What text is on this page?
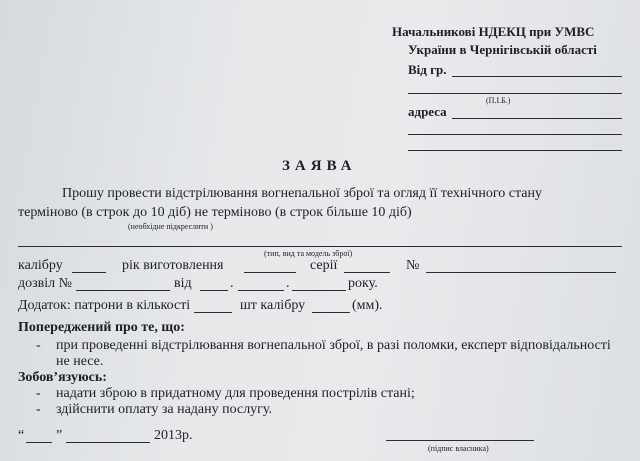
Начальникові НДЕКЦ при УМВС
України в Чернігівській області
Від гр.
(П.І.Б.)
адреса
ЗАЯВА
Прошу провести відстрілювання вогнепальної зброї та огляд її технічного стану
терміново (в строк до 10 діб) не терміново (в строк більше 10 діб)
(необхідне підкреслити )
(тип, вид та модель зброї)
калібру	рік виготовлення	серії	№
дозвіл №	від	.	.	року.
Додаток: патрони в кількості	шт калібру	(мм).
Попереджений про те, що:
- при проведенні відстрілювання вогнепальної зброї, в разі поломки, експерт відповідальності
не несе.
Зобов’язуюсь:
- надати зброю в придатному для проведення пострілів стані;
- здійснити оплату за надану послугу.
“ ”	2013р.
(підпис власника)
